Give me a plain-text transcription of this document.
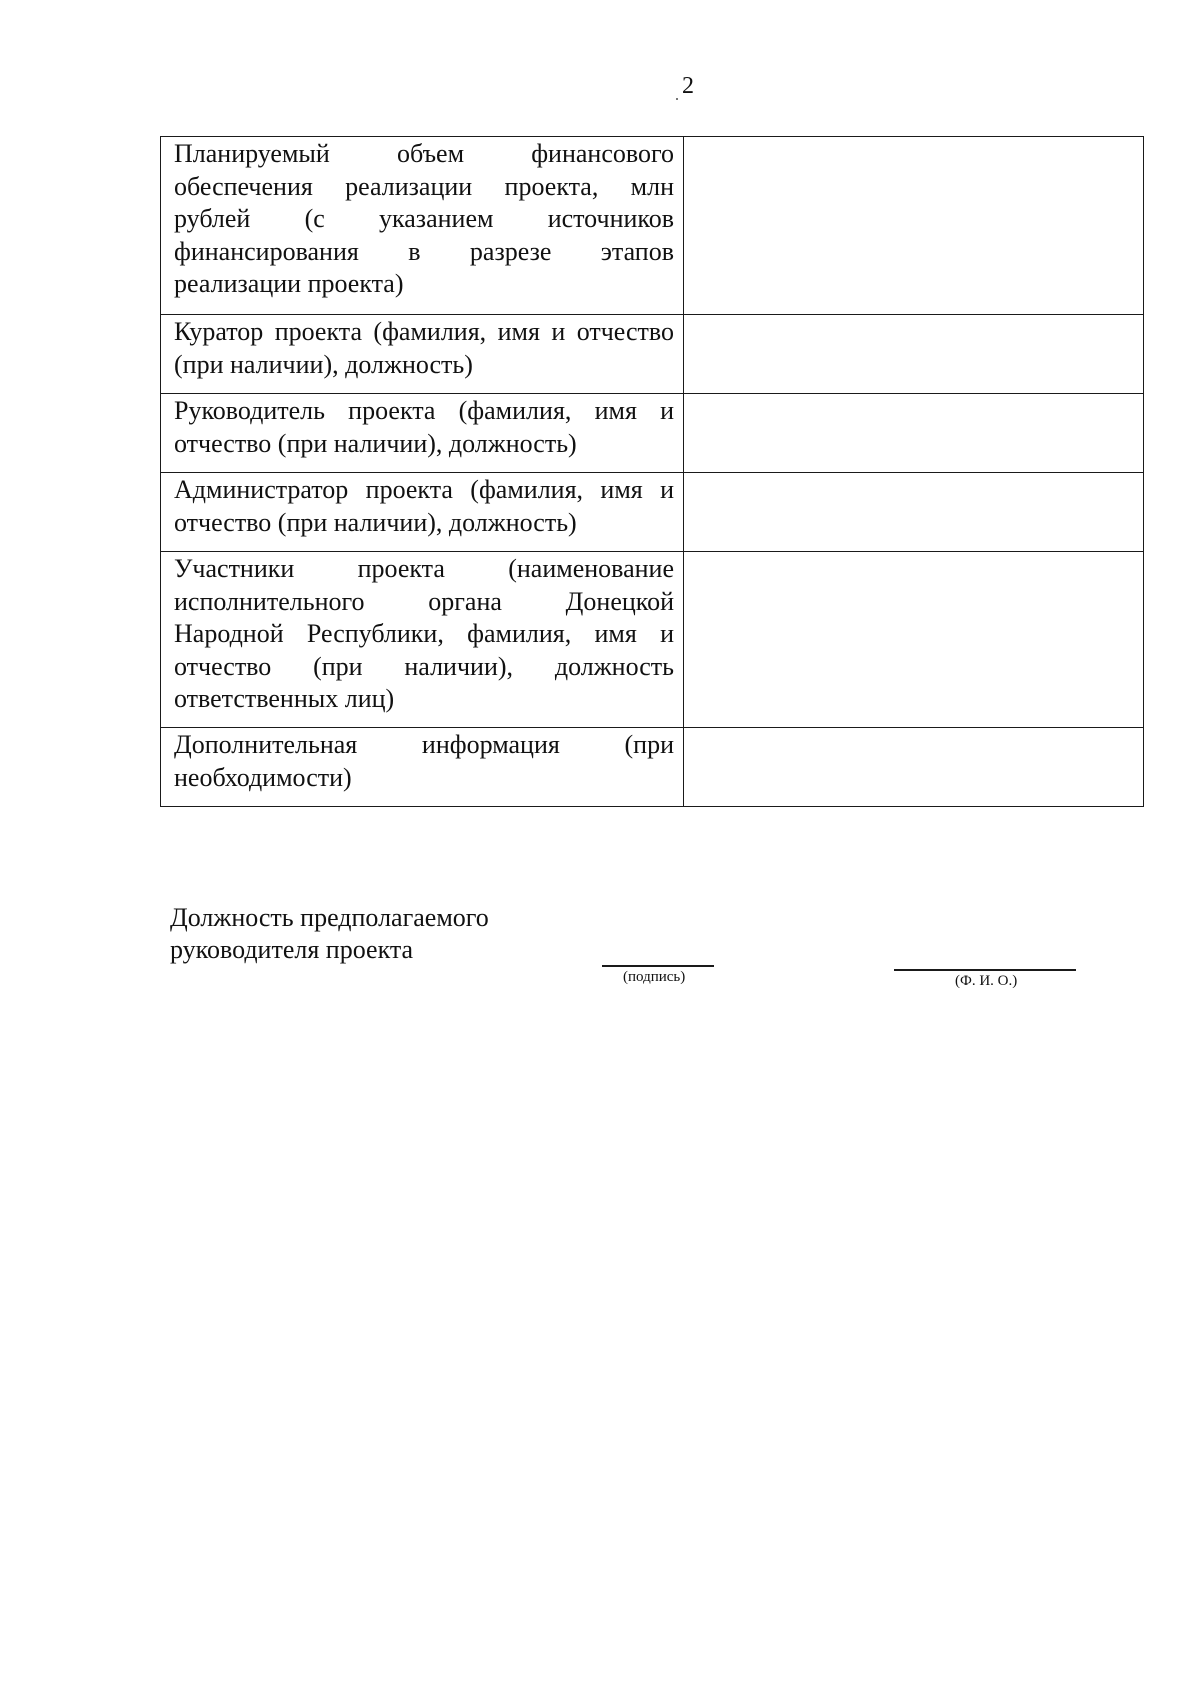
2
Планируемый объем финансового обеспечения реализации проекта, млн рублей (с указанием источников финансирования в разрезе этапов реализации проекта)	
Куратор проекта (фамилия, имя и отчество (при наличии), должность)	
Руководитель проекта (фамилия, имя и отчество (при наличии), должность)	
Администратор проекта (фамилия, имя и отчество (при наличии), должность)	
Участники проекта (наименование исполнительного органа Донецкой Народной Республики, фамилия, имя и отчество (при наличии), должность ответственных лиц)	
Дополнительная информация (при необходимости)	
Должность предполагаемого
руководителя проекта
(подпись)	(Ф. И. О.)
